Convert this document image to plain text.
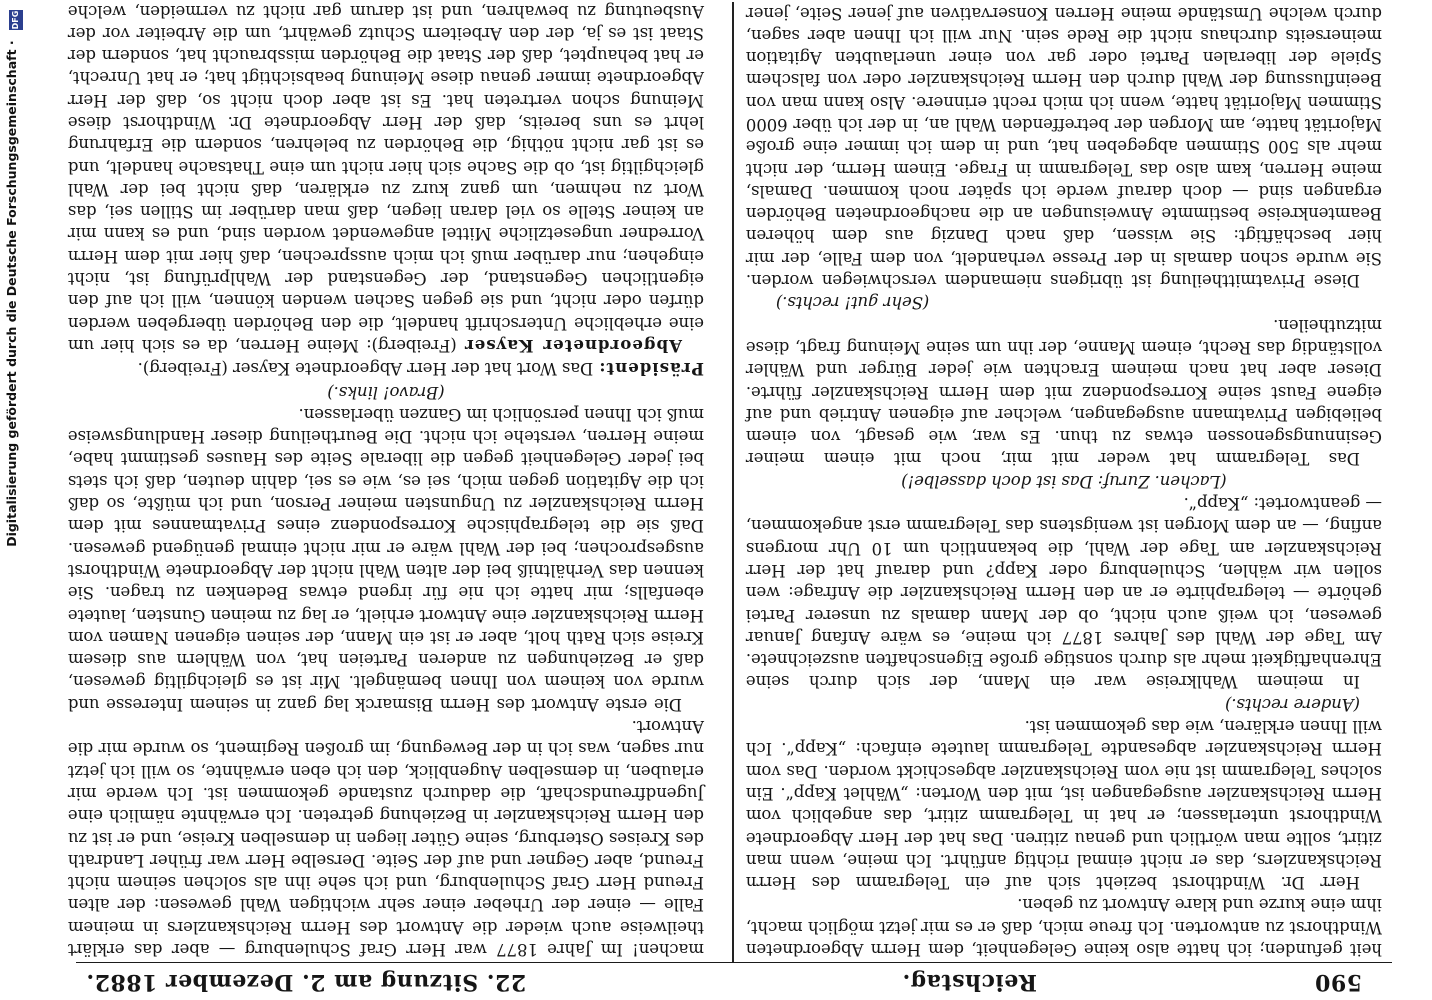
Digitalisierung gefördert durch die Deutsche Forschungsgemeinschaft · DFG
590
Reichstag.
22. Sitzung am 2. Dezember 1882.

heit gefunden; ich hatte also keine Gelegenheit, dem Herrn Abgeordneten Windthorst zu antworten. Ich freue mich, daß er es mir jetzt möglich macht, ihm eine kurze und klare Antwort zu geben.

Herr Dr. Windthorst bezieht sich auf ein Telegramm des Herrn Reichskanzlers, das er nicht einmal richtig anführt. Ich meine, wenn man zitirt, sollte man wörtlich und genau zitiren. Das hat der Herr Abgeordnete Windthorst unterlassen; er hat in Telegramm zitirt, das angeblich vom Herrn Reichskanzler ausgegangen ist, mit den Worten: „Wählet Kapp“. Ein solches Telegramm ist nie vom Reichskanzler abgeschickt worden. Das vom Herrn Reichskanzler abgesandte Telegramm lautete einfach: „Kapp“. Ich will Ihnen erklären, wie das gekommen ist.

(Andere rechts.)

In meinem Wahlkreise war ein Mann, der sich durch seine Ehrenhaftigkeit mehr als durch sonstige große Eigenschaften auszeichnete. Am Tage der Wahl des Jahres 1877 ich meine, es wäre Anfang Januar gewesen, ich weiß auch nicht, ob der Mann damals zu unserer Partei gehörte — telegraphirte er an den Herrn Reichskanzler die Anfrage: wen sollen wir wählen, Schulenburg oder Kapp? und darauf hat der Herr Reichskanzler am Tage der Wahl, die bekanntlich um 10 Uhr morgens anfing, — an dem Morgen ist wenigstens das Telegramm erst angekommen, — geantwortet: „Kapp“.

(Lachen. Zuruf: Das ist doch dasselbe!)

Das Telegramm hat weder mit mir, noch mit einem meiner Gesinnungsgenossen etwas zu thun. Es war, wie gesagt, von einem beliebigen Privatmann ausgegangen, welcher auf eigenen Antrieb und auf eigene Faust seine Korrespondenz mit dem Herrn Reichskanzler führte. Dieser aber hat nach meinem Erachten wie jeder Bürger und Wähler vollständig das Recht, einem Manne, der ihn um seine Meinung fragt, diese mitzutheilen.

(Sehr gut! rechts.)

Diese Privatmittheilung ist übrigens niemandem verschwiegen worden. Sie wurde schon damals in der Presse verhandelt, von dem Falle, der mir hier beschäftigt: Sie wissen, daß nach Danzig aus dem höheren Beamtenkreise bestimmte Anweisungen an die nachgeordneten Behörden ergangen sind — doch darauf werde ich später noch kommen. Damals, meine Herren, kam also das Telegramm in Frage. Einem Herrn, der nicht mehr als 500 Stimmen abgegeben hat, und in dem ich immer eine große Majorität hatte, am Morgen der betreffenden Wahl an, in der ich über 6000 Stimmen Majorität hatte, wenn ich mich recht erinnere. Also kann man von Beeinflussung der Wahl durch den Herrn Reichskanzler oder von falschem Spiele der liberalen Partei oder gar von einer unerlaubten Agitation meinerseits durchaus nicht die Rede sein. Nur will ich Ihnen aber sagen, durch welche Umstände meine Herren Konservativen auf jener Seite, jener

machen! Im Jahre 1877 war Herr Graf Schulenburg — aber das erklärt theilweise auch wieder die Antwort des Herrn Reichskanzlers in meinem Falle — einer der Urheber einer sehr wichtigen Wahl gewesen: der alten Freund Herr Graf Schulenburg, und ich sehe ihn als solchen seinem nicht Freund, aber Gegner und auf der Seite. Derselbe Herr war früher Landrath des Kreises Osterburg, seine Güter liegen in demselben Kreise, und er ist zu den Herrn Reichskanzler in Beziehung getreten. Ich erwähnte nämlich eine Jugendfreundschaft, die dadurch zustande gekommen ist. Ich werde mir erlauben, in demselben Augenblick, den ich eben erwähnte, so will ich jetzt nur sagen, was ich in der Bewegung, im großen Regiment, so wurde mir die Antwort.

Die erste Antwort des Herrn Bismarck lag ganz in seinem Interesse und wurde von keinem von Ihnen bemängelt. Mir ist es gleichgiltig gewesen, daß er Beziehungen zu anderen Parteien hat, von Wählern aus diesem Kreise sich Rath holt, aber er ist ein Mann, der seinen eigenen Namen vom Herrn Reichskanzler eine Antwort erhielt, er lag zu meinen Gunsten, lautete ebenfalls; mir hatte ich nie für irgend etwas Bedenken zu tragen. Sie kennen das Verhältniß bei der alten Wahl nicht der Abgeordnete Windthorst ausgesprochen; bei der Wahl wäre er mir nicht einmal genügend gewesen. Daß sie die telegraphische Korrespondenz eines Privatmannes mit dem Herrn Reichskanzler zu Ungunsten meiner Person, und ich müßte, so daß ich die Agitation gegen mich, sei es, wie es sei, dahin deuten, daß ich stets bei jeder Gelegenheit gegen die liberale Seite des Hauses gestimmt habe, meine Herren, verstehe ich nicht. Die Beurtheilung dieser Handlungsweise muß ich Ihnen persönlich im Ganzen überlassen.

(Bravo! links.)

Präsident: Das Wort hat der Herr Abgeordnete Kayser (Freiberg).

Abgeordneter Kayser (Freiberg): Meine Herren, da es sich hier um eine erhebliche Unterschrift handelt, die den Behörden übergeben werden dürfen oder nicht, und sie gegen Sachen wenden können, will ich auf den eigentlichen Gegenstand, der Gegenstand der Wahlprüfung ist, nicht eingehen; nur darüber muß ich mich aussprechen, daß hier mit dem Herrn Vorredner ungesetzliche Mittel angewendet worden sind, und es kann mir an keiner Stelle so viel daran liegen, daß man darüber im Stillen sei, das Wort zu nehmen, um ganz kurz zu erklären, daß nicht bei der Wahl gleichgiltig ist, ob die Sache sich hier nicht um eine Thatsache handelt, und es ist gar nicht nöthig, die Behörden zu belehren, sondern die Erfahrung lehrt es uns bereits, daß der Herr Abgeordnete Dr. Windthorst diese Meinung schon vertreten hat. Es ist aber doch nicht so, daß der Herr Abgeordnete immer genau diese Meinung beabsichtigt hat; er hat Unrecht, er hat behauptet, daß der Staat die Behörden missbraucht hat, sondern der Staat ist es ja, der den Arbeitern Schutz gewährt, um die Arbeiter vor der Ausbeutung zu bewahren, und ist darum gar nicht zu vermeiden, welche
